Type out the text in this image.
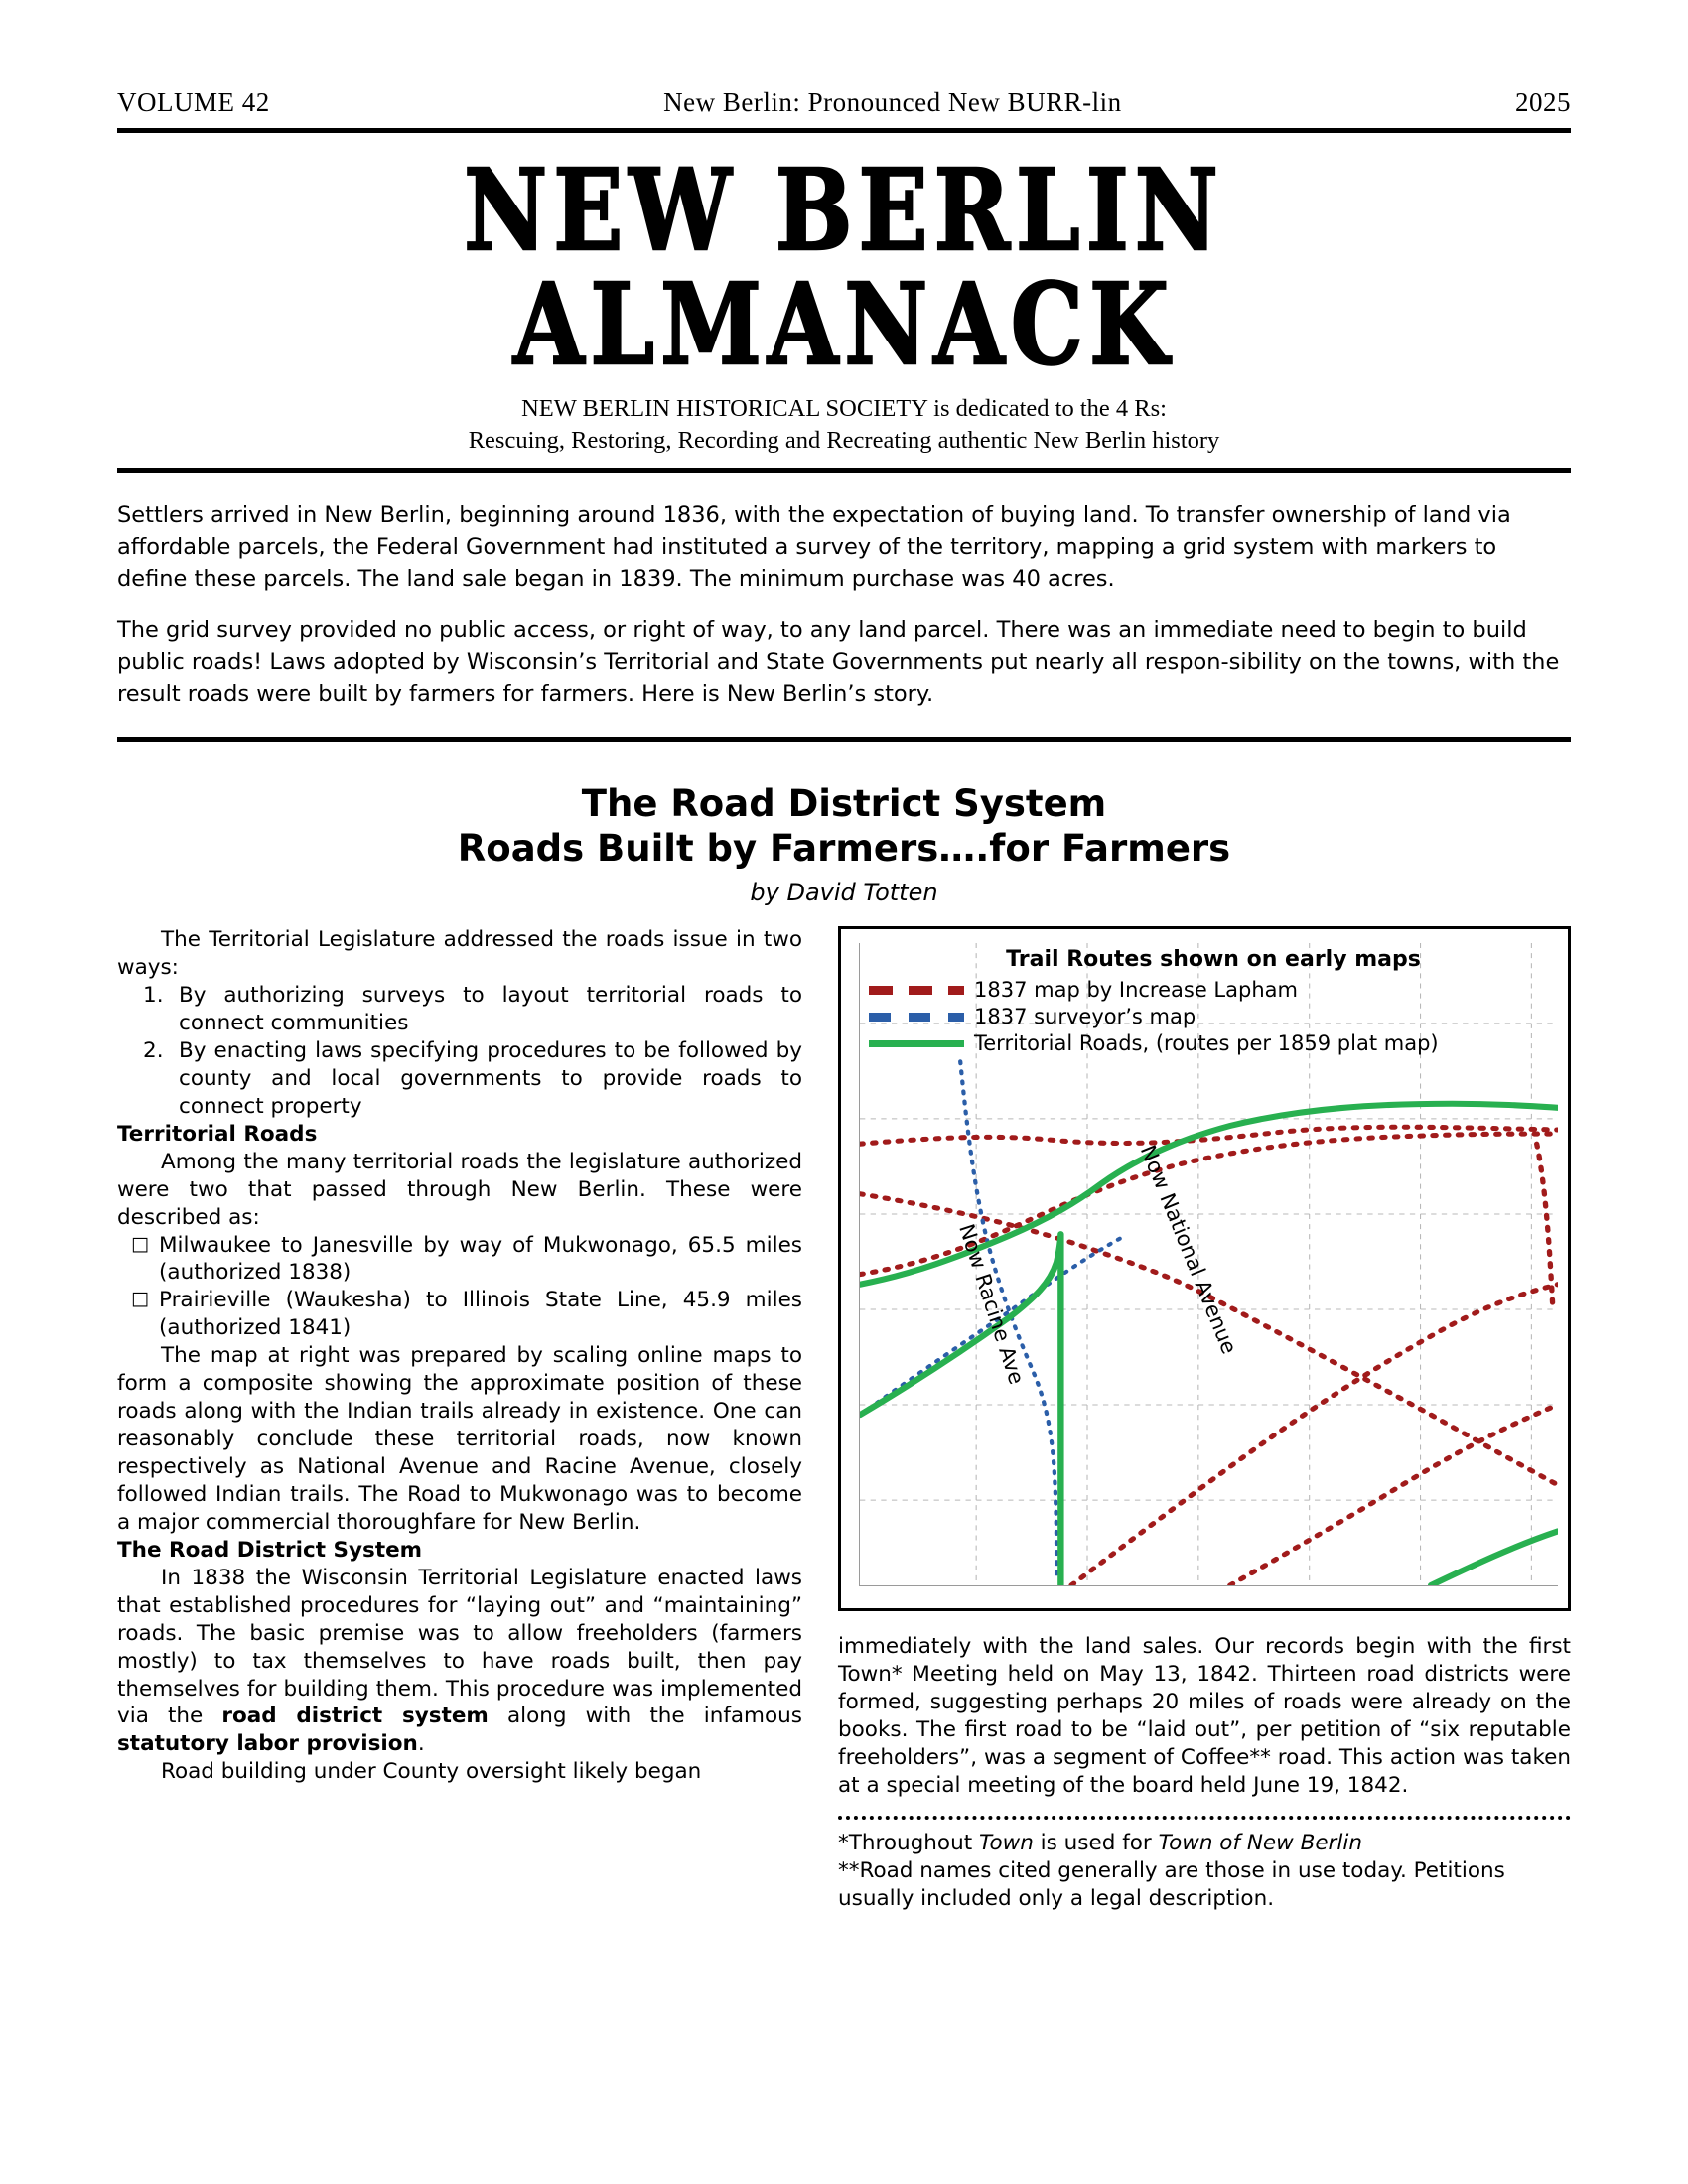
VOLUME 42	New Berlin: Pronounced New BURR-lin	2025
NEW BERLIN ALMANACK
NEW BERLIN HISTORICAL SOCIETY is dedicated to the 4 Rs:
Rescuing, Restoring, Recording and Recreating authentic New Berlin history

Settlers arrived in New Berlin, beginning around 1836, with the expectation of buying land. To transfer ownership of land via affordable parcels, the Federal Government had instituted a survey of the territory, mapping a grid system with markers to define these parcels. The land sale began in 1839. The minimum purchase was 40 acres.

The grid survey provided no public access, or right of way, to any land parcel. There was an immediate need to begin to build public roads! Laws adopted by Wisconsin’s Territorial and State Governments put nearly all respon-sibility on the towns, with the result roads were built by farmers for farmers. Here is New Berlin’s story.

The Road District System
Roads Built by Farmers….for Farmers
by David Totten

The Territorial Legislature addressed the roads issue in two ways:

By authorizing surveys to layout territorial roads to connect communities
By enacting laws specifying procedures to be followed by county and local governments to provide roads to connect property

Territorial Roads

Among the many territorial roads the legislature authorized were two that passed through New Berlin. These were described as:

□ Milwaukee to Janesville by way of Mukwonago, 65.5 miles (authorized 1838)
□ Prairieville (Waukesha) to Illinois State Line, 45.9 miles (authorized 1841)

The map at right was prepared by scaling online maps to form a composite showing the approximate position of these roads along with the Indian trails already in existence. One can reasonably conclude these territorial roads, now known respectively as National Avenue and Racine Avenue, closely followed Indian trails. The Road to Mukwonago was to become a major commercial thoroughfare for New Berlin.

The Road District System

In 1838 the Wisconsin Territorial Legislature enacted laws that established procedures for “laying out” and “maintaining” roads. The basic premise was to allow freeholders (farmers mostly) to tax themselves to have roads built, then pay themselves for building them. This procedure was implemented via the road district system along with the infamous statutory labor provision.

Road building under County oversight likely began

Now Racine Ave	Now National Avenue
Trail Routes shown on early maps
1837 map by Increase Lapham
1837 surveyor’s map
Territorial Roads, (routes per 1859 plat map)

immediately with the land sales. Our records begin with the first Town* Meeting held on May 13, 1842. Thirteen road districts were formed, suggesting perhaps 20 miles of roads were already on the books. The first road to be “laid out”, per petition of “six reputable freeholders”, was a segment of Coffee** road. This action was taken at a special meeting of the board held June 19, 1842.

*Throughout Town is used for Town of New Berlin

**Road names cited generally are those in use today. Petitions usually included only a legal description.
